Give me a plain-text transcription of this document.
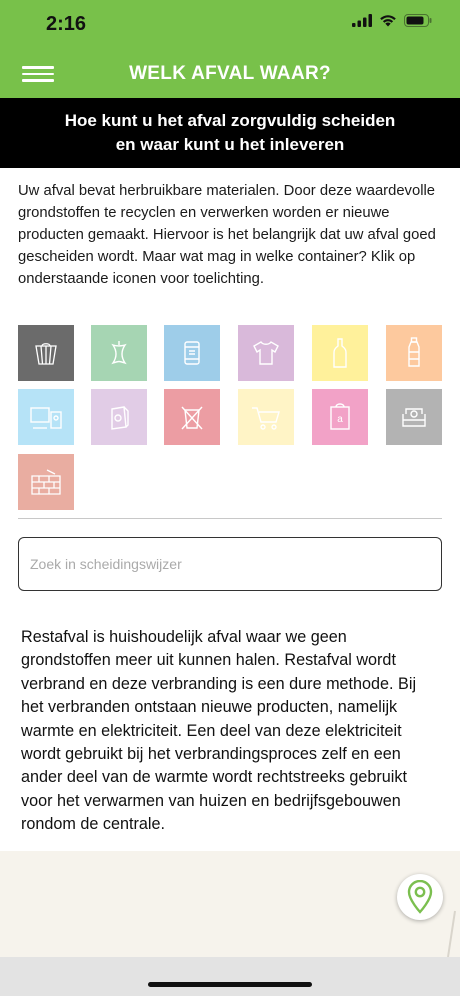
2:16
WELK AFVAL WAAR?
Hoe kunt u het afval zorgvuldig scheiden
en waar kunt u het inleveren

Uw afval bevat herbruikbare materialen. Door deze waardevolle grondstoffen te recyclen en verwerken worden er nieuwe producten gemaakt. Hiervoor is het belangrijk dat uw afval goed gescheiden wordt. Maar wat mag in welke container? Klik op onderstaande iconen voor toelichting.

a
Zoek in scheidingswijzer

Restafval is huishoudelijk afval waar we geen grondstoffen meer uit kunnen halen. Restafval wordt verbrand en deze verbranding is een dure methode. Bij het verbranden ontstaan nieuwe producten, namelijk warmte en elektriciteit. Een deel van deze elektriciteit wordt gebruikt bij het verbrandingsproces zelf en een ander deel van de warmte wordt rechtstreeks gebruikt voor het verwarmen van huizen en bedrijfsgebouwen rondom de centrale.
